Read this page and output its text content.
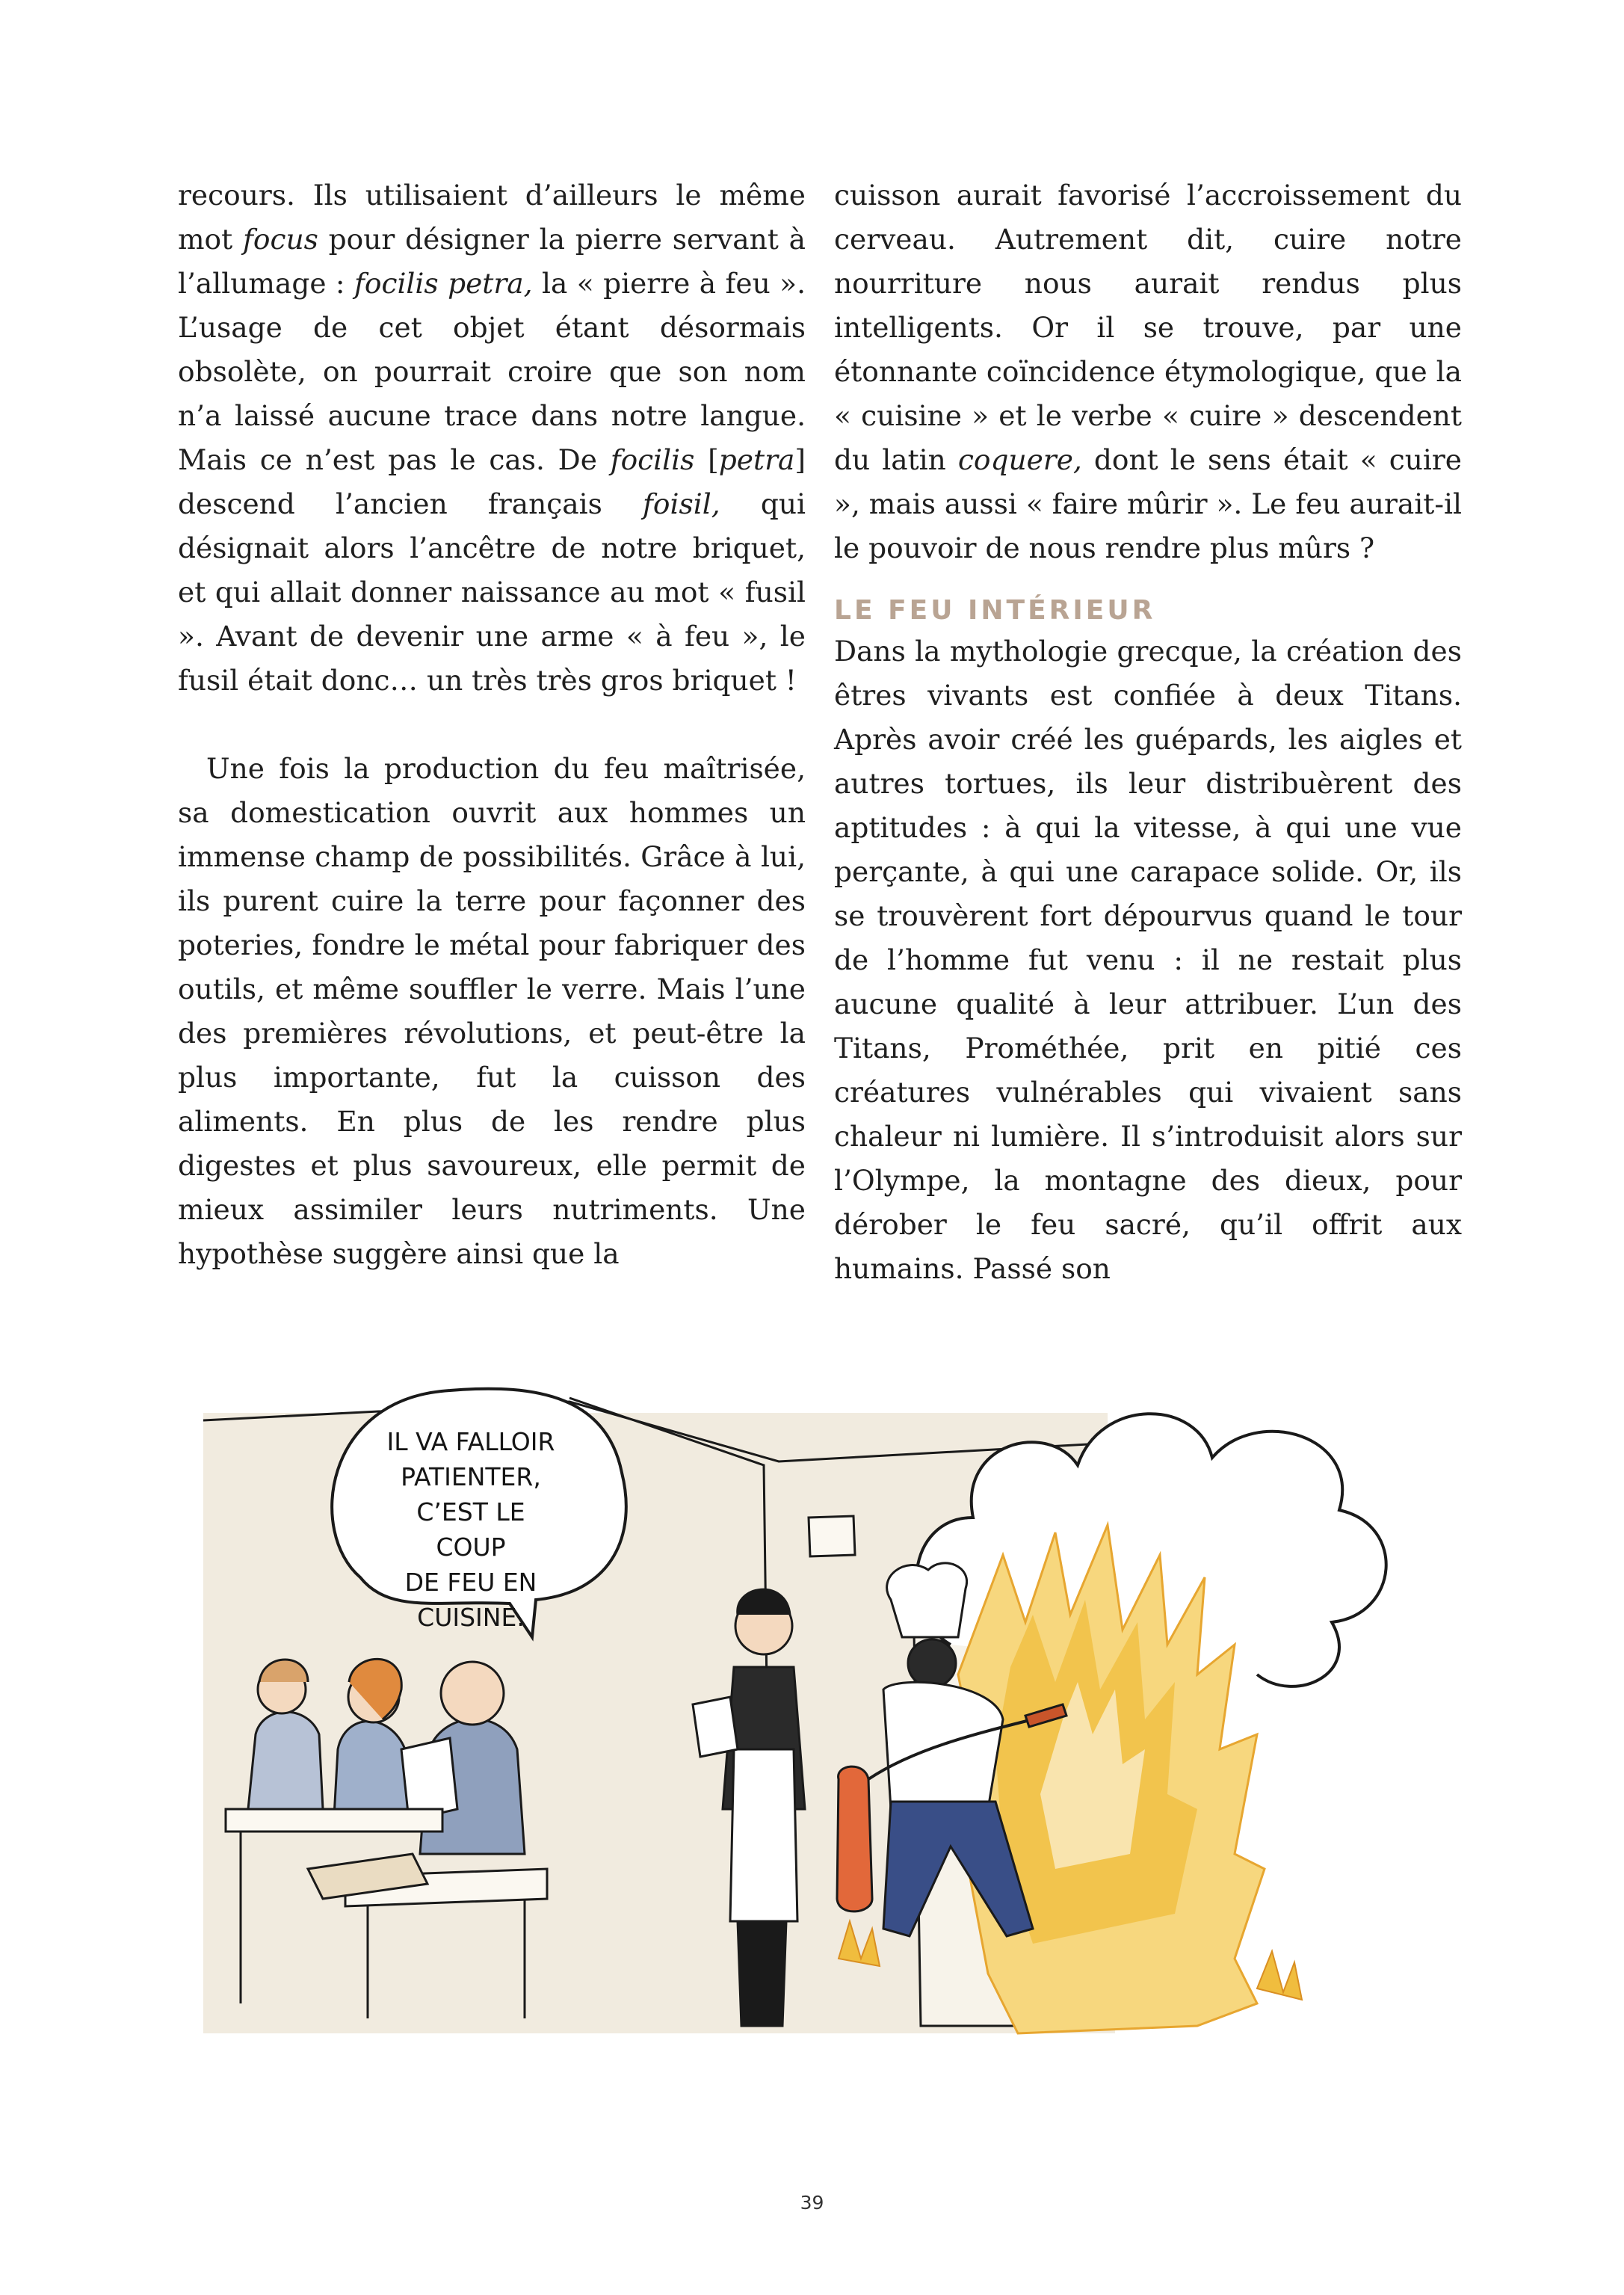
recours. Ils utilisaient d’ailleurs le même mot focus pour désigner la pierre servant à l’allumage : focilis petra, la « pierre à feu ». L’usage de cet objet étant désormais obsolète, on pourrait croire que son nom n’a laissé aucune trace dans notre langue. Mais ce n’est pas le cas. De focilis [petra] descend l’ancien français foisil, qui désignait alors l’ancêtre de notre briquet, et qui allait donner naissance au mot « fusil ». Avant de devenir une arme « à feu », le fusil était donc… un très très gros briquet !

Une fois la production du feu maîtrisée, sa domestication ouvrit aux hommes un immense champ de possibilités. Grâce à lui, ils purent cuire la terre pour façonner des poteries, fondre le métal pour fabriquer des outils, et même souffler le verre. Mais l’une des premières révolutions, et peut-être la plus importante, fut la cuisson des aliments. En plus de les rendre plus digestes et plus savoureux, elle permit de mieux assimiler leurs nutriments. Une hypothèse suggère ainsi que la

cuisson aurait favorisé l’accroissement du cerveau. Autrement dit, cuire notre nourriture nous aurait rendus plus intelligents. Or il se trouve, par une étonnante coïncidence étymologique, que la « cuisine » et le verbe « cuire » descendent du latin coquere, dont le sens était « cuire », mais aussi « faire mûrir ». Le feu aurait-il le pouvoir de nous rendre plus mûrs ?

LE FEU INTÉRIEUR

Dans la mythologie grecque, la création des êtres vivants est confiée à deux Titans. Après avoir créé les guépards, les aigles et autres tortues, ils leur distribuèrent des aptitudes : à qui la vitesse, à qui une vue perçante, à qui une carapace solide. Or, ils se trouvèrent fort dépourvus quand le tour de l’homme fut venu : il ne restait plus aucune qualité à leur attribuer. L’un des Titans, Prométhée, prit en pitié ces créatures vulnérables qui vivaient sans chaleur ni lumière. Il s’introduisit alors sur l’Olympe, la montagne des dieux, pour dérober le feu sacré, qu’il offrit aux humains. Passé son

IL VA FALLOIR
PATIENTER,
C’EST LE COUP
DE FEU EN
CUISINE.
39
